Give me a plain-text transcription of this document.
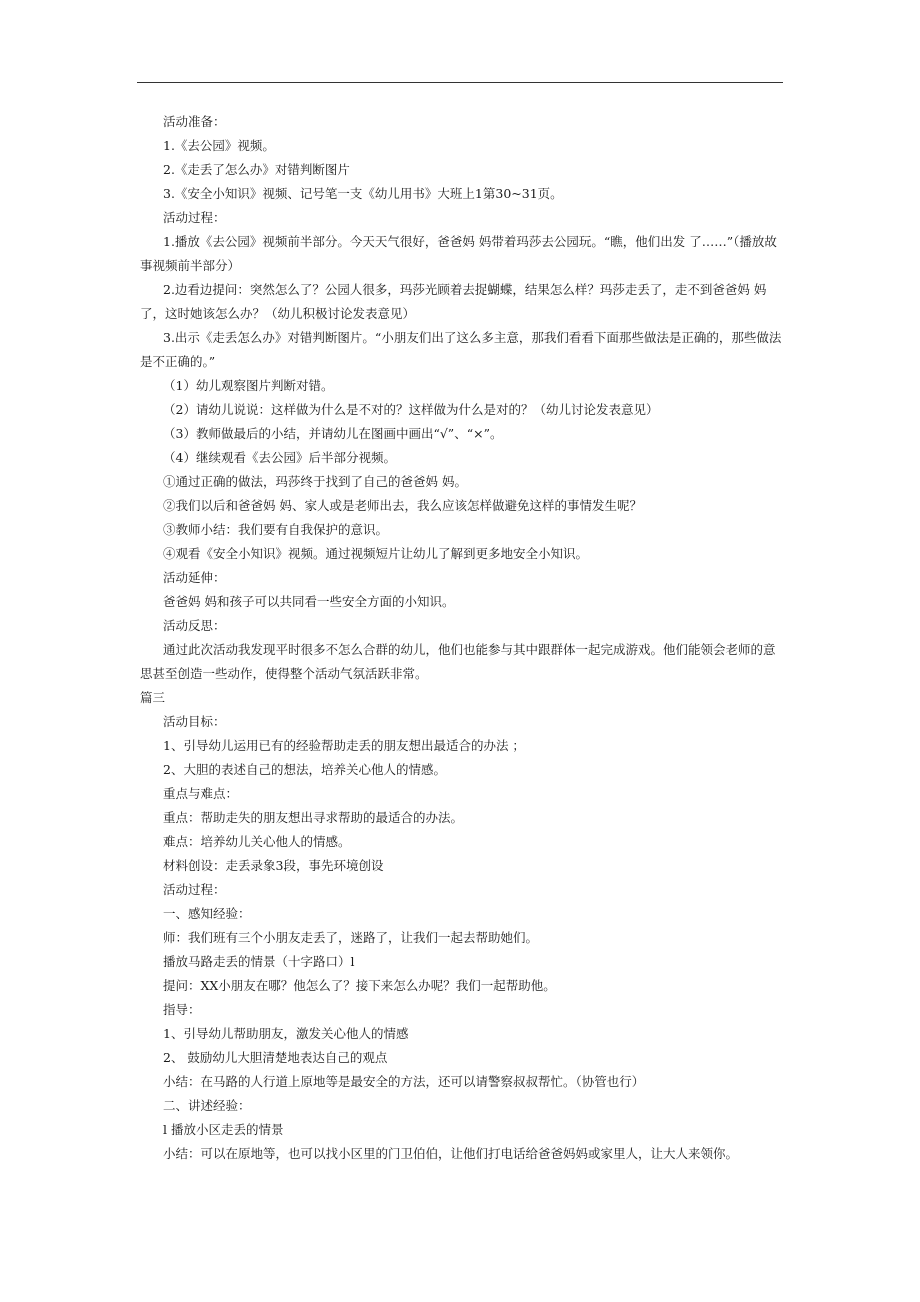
活动准备：

1.《去公园》视频。

2.《走丢了怎么办》对错判断图片

3.《安全小知识》视频、记号笔一支《幼儿用书》大班上1第30~31页。

活动过程：

1.播放《去公园》视频前半部分。今天天气很好，爸爸妈 妈带着玛莎去公园玩。“瞧，他们出发 了……”（播放故事视频前半部分）

2.边看边提问：突然怎么了？公园人很多，玛莎光顾着去捉蝴蝶，结果怎么样？玛莎走丢了，走不到爸爸妈 妈了，这时她该怎么办？（幼儿积极讨论发表意见）

3.出示《走丢怎么办》对错判断图片。“小朋友们出了这么多主意，那我们看看下面那些做法是正确的，那些做法是不正确的。”

（1）幼儿观察图片判断对错。

（2）请幼儿说说：这样做为什么是不对的？这样做为什么是对的？（幼儿讨论发表意见）

（3）教师做最后的小结，并请幼儿在图画中画出“√”、“×”。

（4）继续观看《去公园》后半部分视频。

①通过正确的做法，玛莎终于找到了自己的爸爸妈 妈。

②我们以后和爸爸妈 妈、家人或是老师出去，我么应该怎样做避免这样的事情发生呢？

③教师小结：我们要有自我保护的意识。

④观看《安全小知识》视频。通过视频短片让幼儿了解到更多地安全小知识。

活动延伸：

爸爸妈 妈和孩子可以共同看一些安全方面的小知识。

活动反思：

通过此次活动我发现平时很多不怎么合群的幼儿，他们也能参与其中跟群体一起完成游戏。他们能领会老师的意思甚至创造一些动作，使得整个活动气氛活跃非常。

篇三

活动目标：

1、引导幼儿运用已有的经验帮助走丢的朋友想出最适合的办法 ；

2、大胆的表述自己的想法，培养关心他人的情感。

重点与难点：

重点：帮助走失的朋友想出寻求帮助的最适合的办法。

难点：培养幼儿关心他人的情感。

材料创设：走丢录象3段，事先环境创设

活动过程：

一、感知经验：

师：我们班有三个小朋友走丢了，迷路了，让我们一起去帮助她们。

播放马路走丢的情景（十字路口）l

提问：XX小朋友在哪？他怎么了？接下来怎么办呢？我们一起帮助他。

指导：

1、引导幼儿帮助朋友，激发关心他人的情感

2、 鼓励幼儿大胆清楚地表达自己的观点

小结：在马路的人行道上原地等是最安全的方法，还可以请警察叔叔帮忙。（协管也行）

二、讲述经验：

l 播放小区走丢的情景

小结：可以在原地等，也可以找小区里的门卫伯伯，让他们打电话给爸爸妈妈或家里人，让大人来领你。
